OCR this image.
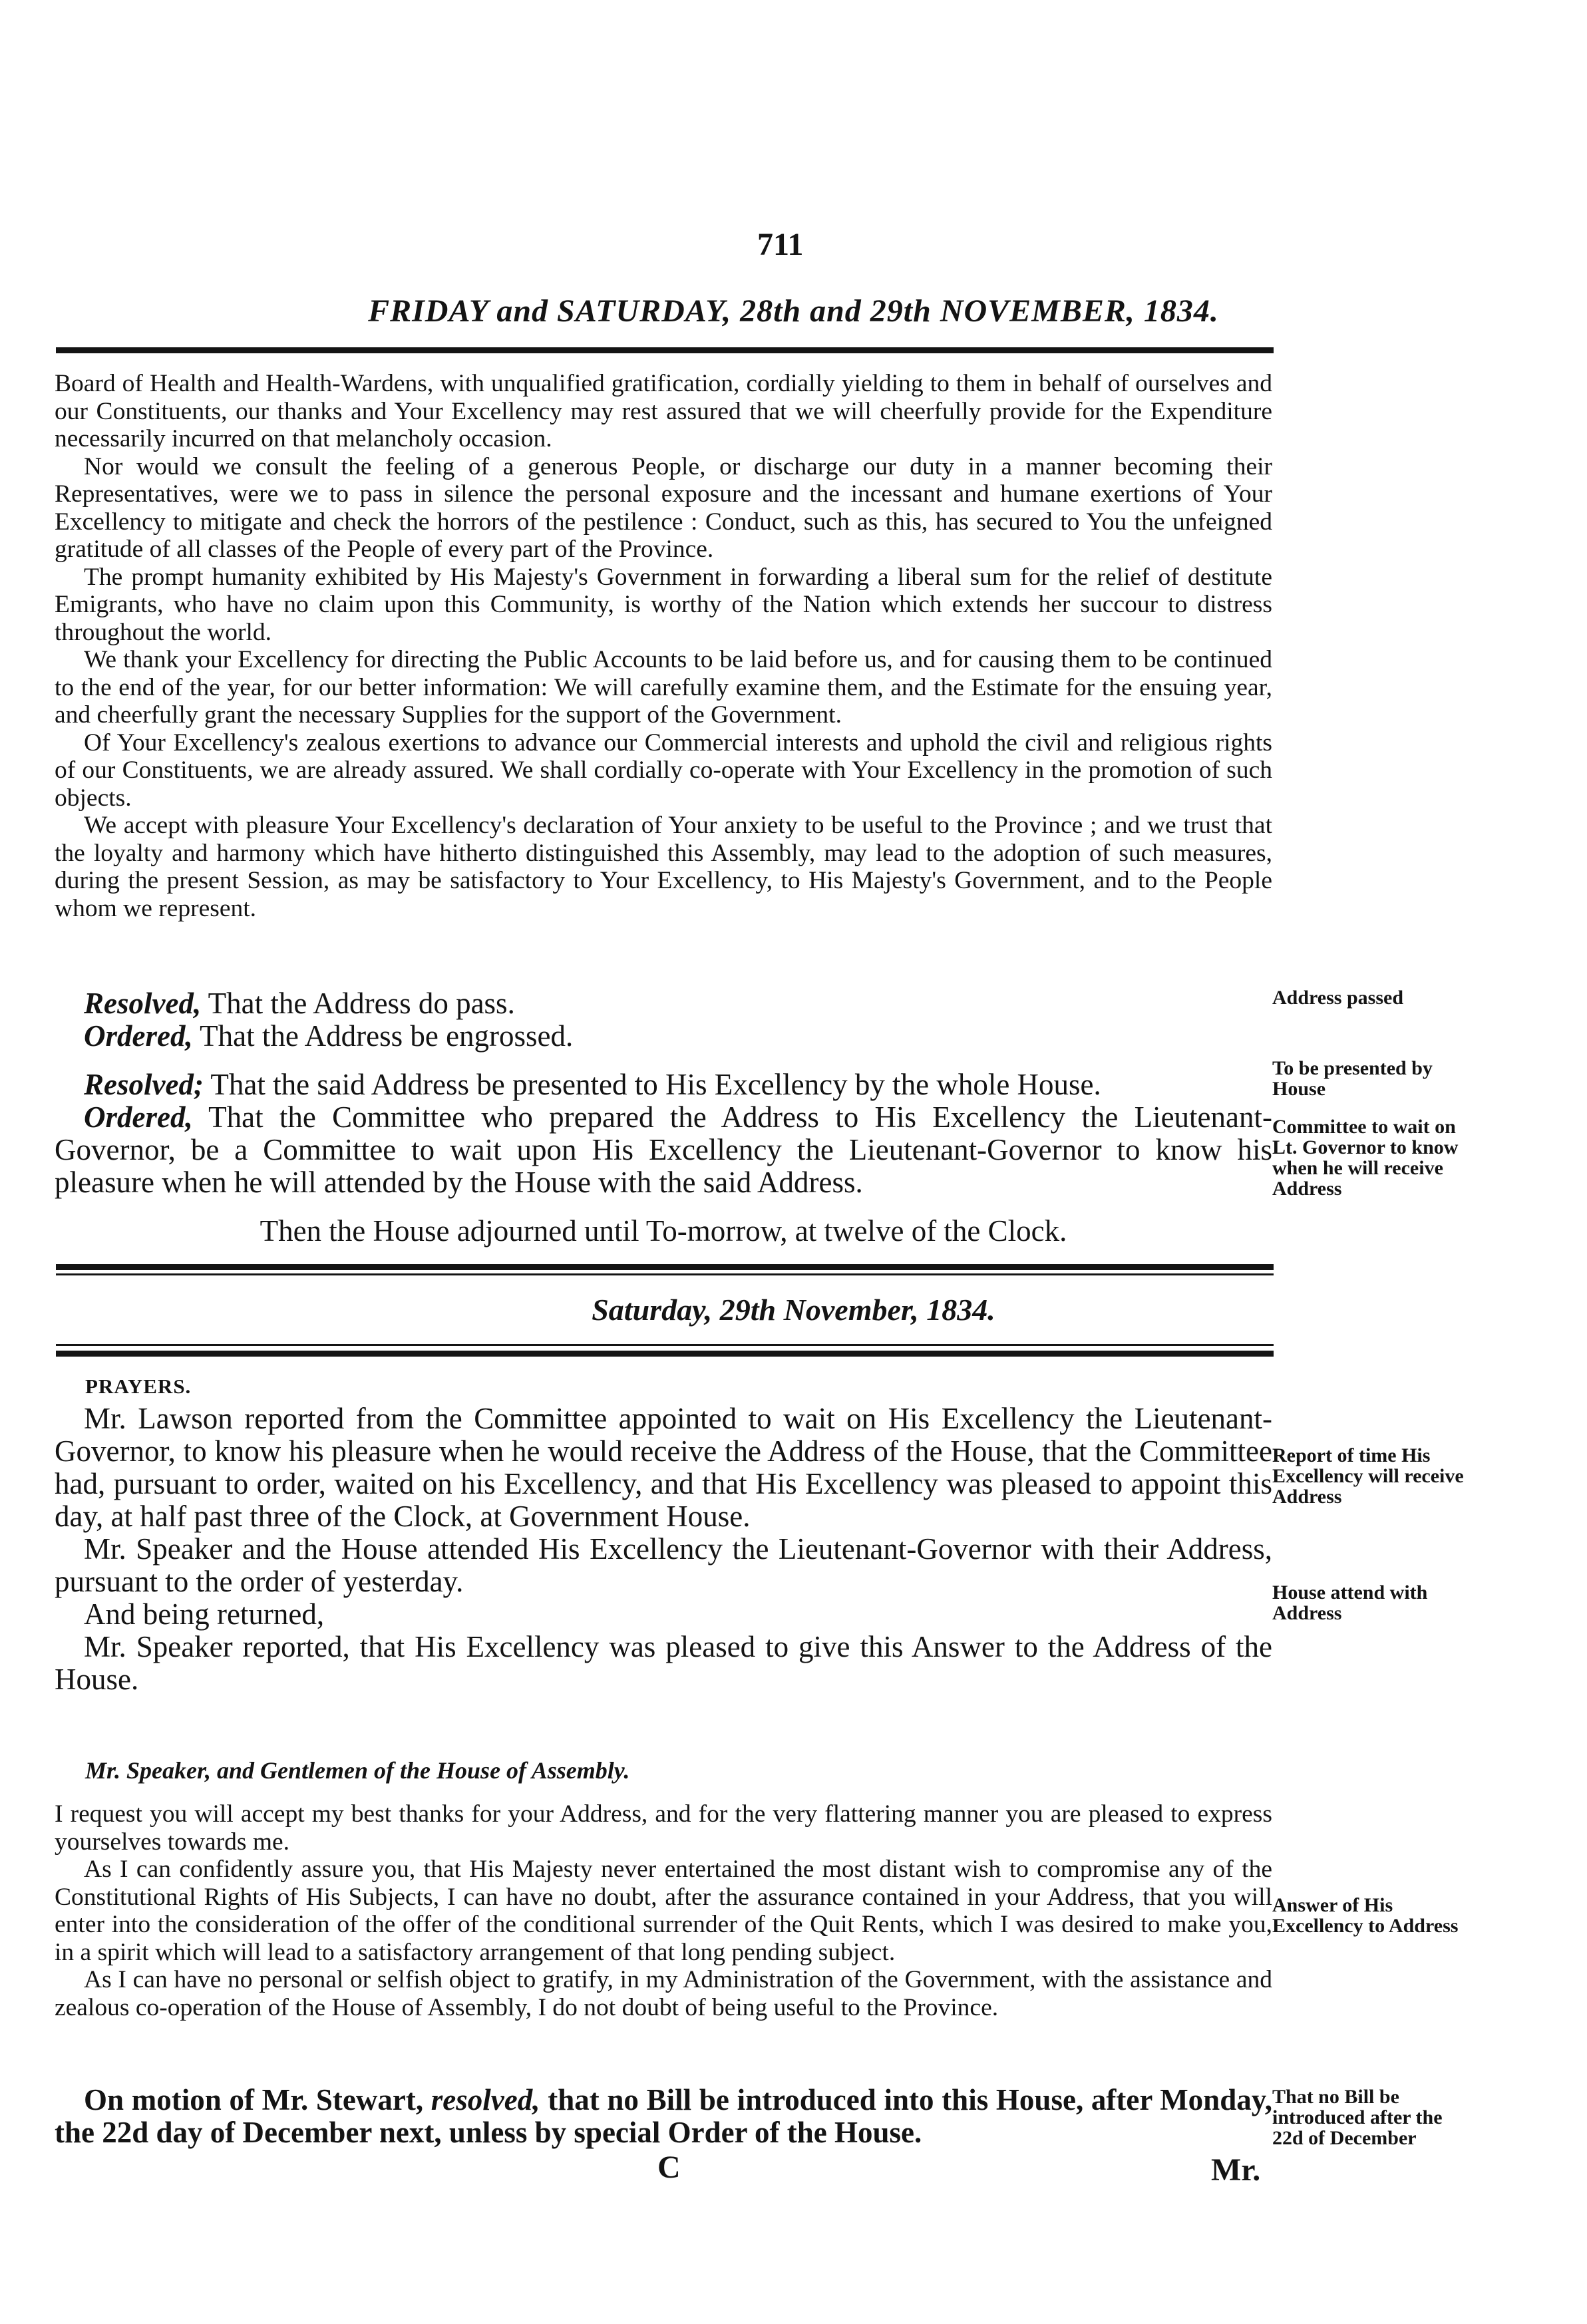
711
FRIDAY and SATURDAY, 28th and 29th NOVEMBER, 1834.

Board of Health and Health-Wardens, with unqualified gratification, cordially yielding to them in behalf of ourselves and our Constituents, our thanks and Your Excellency may rest assured that we will cheerfully provide for the Expenditure necessarily incurred on that melancholy occasion.

Nor would we consult the feeling of a generous People, or discharge our duty in a manner becoming their Representatives, were we to pass in silence the personal exposure and the incessant and humane exertions of Your Excellency to mitigate and check the horrors of the pestilence : Conduct, such as this, has secured to You the unfeigned gratitude of all classes of the People of every part of the Province.

The prompt humanity exhibited by His Majesty's Government in forwarding a liberal sum for the relief of destitute Emigrants, who have no claim upon this Community, is worthy of the Nation which extends her succour to distress throughout the world.

We thank your Excellency for directing the Public Accounts to be laid before us, and for causing them to be continued to the end of the year, for our better information: We will carefully examine them, and the Estimate for the ensuing year, and cheerfully grant the necessary Supplies for the support of the Government.

Of Your Excellency's zealous exertions to advance our Commercial interests and uphold the civil and religious rights of our Constituents, we are already assured. We shall cordially co-operate with Your Excellency in the promotion of such objects.

We accept with pleasure Your Excellency's declaration of Your anxiety to be useful to the Province ; and we trust that the loyalty and harmony which have hitherto distinguished this Assembly, may lead to the adoption of such measures, during the present Session, as may be satisfactory to Your Excellency, to His Majesty's Government, and to the People whom we represent.

Resolved, That the Address do pass.

Ordered, That the Address be engrossed.

Resolved; That the said Address be presented to His Excellency by the whole House.

Ordered, That the Committee who prepared the Address to His Excellency the Lieutenant-Governor, be a Committee to wait upon His Excellency the Lieutenant-Governor to know his pleasure when he will attended by the House with the said Address.

Then the House adjourned until To-morrow, at twelve of the Clock.
Address passed
To be presented by House
Committee to wait on Lt. Governor to know when he will receive Address
Saturday, 29th November, 1834.
PRAYERS.

Mr. Lawson reported from the Committee appointed to wait on His Excellency the Lieutenant-Governor, to know his pleasure when he would receive the Address of the House, that the Committee had, pursuant to order, waited on his Excellency, and that His Excellency was pleased to appoint this day, at half past three of the Clock, at Government House.

Mr. Speaker and the House attended His Excellency the Lieutenant-Governor with their Address, pursuant to the order of yesterday.

And being returned,

Mr. Speaker reported, that His Excellency was pleased to give this Answer to the Address of the House.

Mr. Speaker, and Gentlemen of the House of Assembly.

I request you will accept my best thanks for your Address, and for the very flattering manner you are pleased to express yourselves towards me.

As I can confidently assure you, that His Majesty never entertained the most distant wish to compromise any of the Constitutional Rights of His Subjects, I can have no doubt, after the assurance contained in your Address, that you will enter into the consideration of the offer of the conditional surrender of the Quit Rents, which I was desired to make you, in a spirit which will lead to a satisfactory arrangement of that long pending subject.

As I can have no personal or selfish object to gratify, in my Administration of the Government, with the assistance and zealous co-operation of the House of Assembly, I do not doubt of being useful to the Province.

On motion of Mr. Stewart, resolved, that no Bill be introduced into this House, after Monday, the 22d day of December next, unless by special Order of the House.

Report of time His Excellency will receive Address
House attend with Address
Answer of His Excellency to Address
That no Bill be introduced after the 22d of December
C	Mr.
